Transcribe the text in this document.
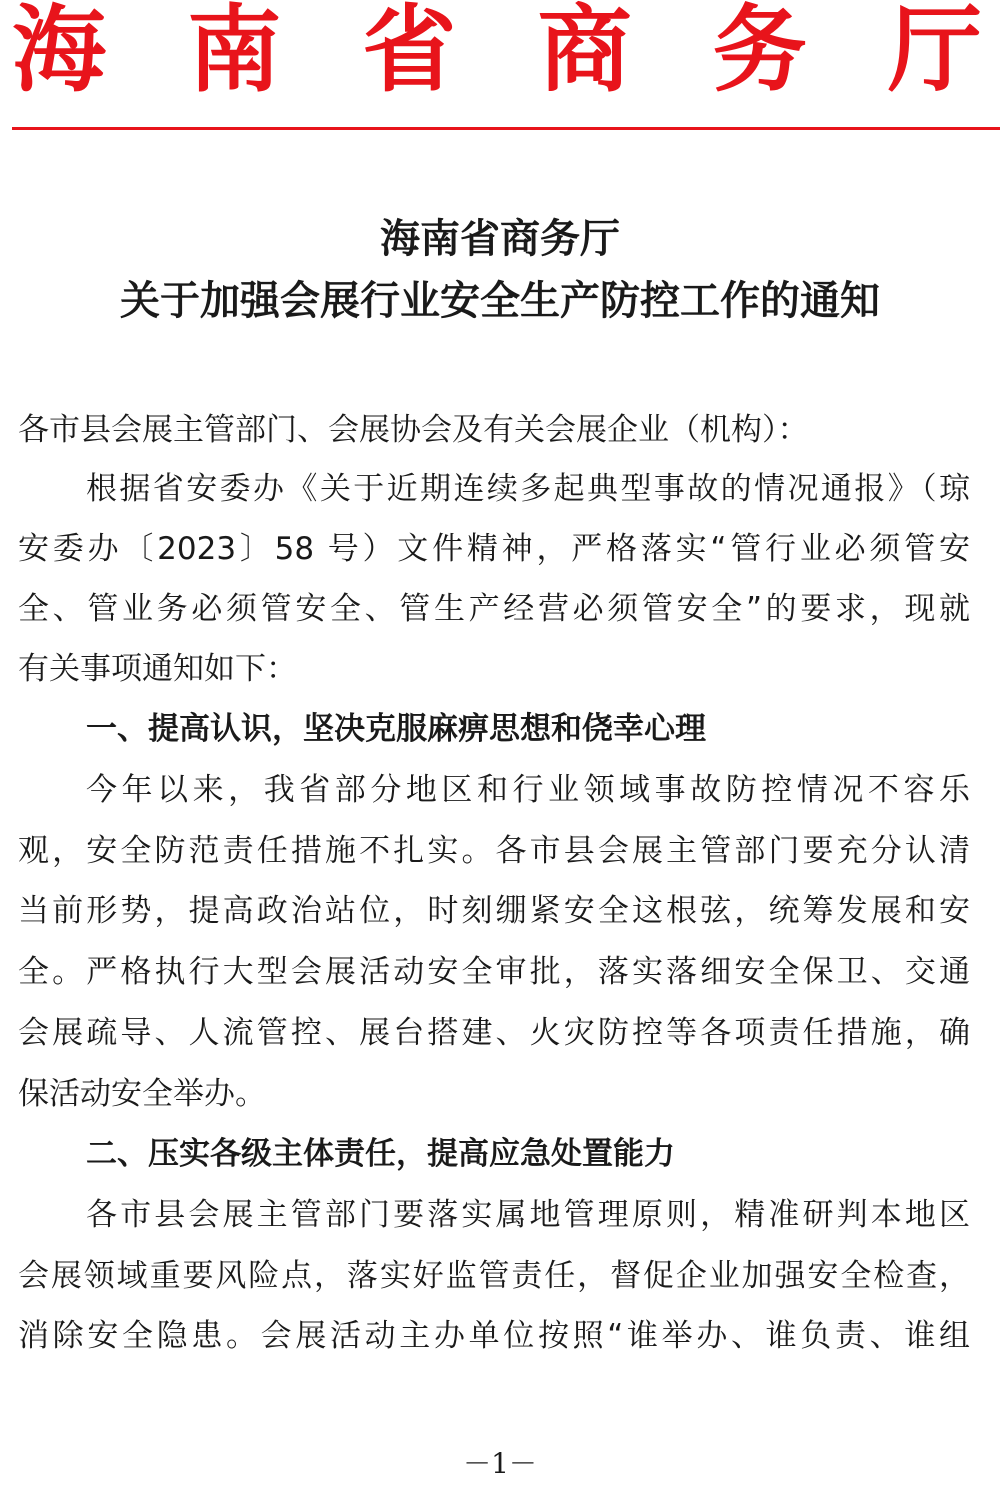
海 南 省 商 务 厅
海南省商务厅
关于加强会展行业安全生产防控工作的通知
各市县会展主管部门、会展协会及有关会展企业（机构）：
根据省安委办《关于近期连续多起典型事故的情况通报》（琼
安委办〔2023〕58 号）文件精神，严格落实“管行业必须管安
全、管业务必须管安全、管生产经营必须管安全”的要求，现就
有关事项通知如下：
一、提高认识，坚决克服麻痹思想和侥幸心理
今年以来，我省部分地区和行业领域事故防控情况不容乐
观，安全防范责任措施不扎实。各市县会展主管部门要充分认清
当前形势，提高政治站位，时刻绷紧安全这根弦，统筹发展和安
全。严格执行大型会展活动安全审批，落实落细安全保卫、交通
会展疏导、人流管控、展台搭建、火灾防控等各项责任措施，确
保活动安全举办。
二、压实各级主体责任，提高应急处置能力
各市县会展主管部门要落实属地管理原则，精准研判本地区
会展领域重要风险点，落实好监管责任，督促企业加强安全检查，
消除安全隐患。会展活动主办单位按照“谁举办、谁负责、谁组
－1－
